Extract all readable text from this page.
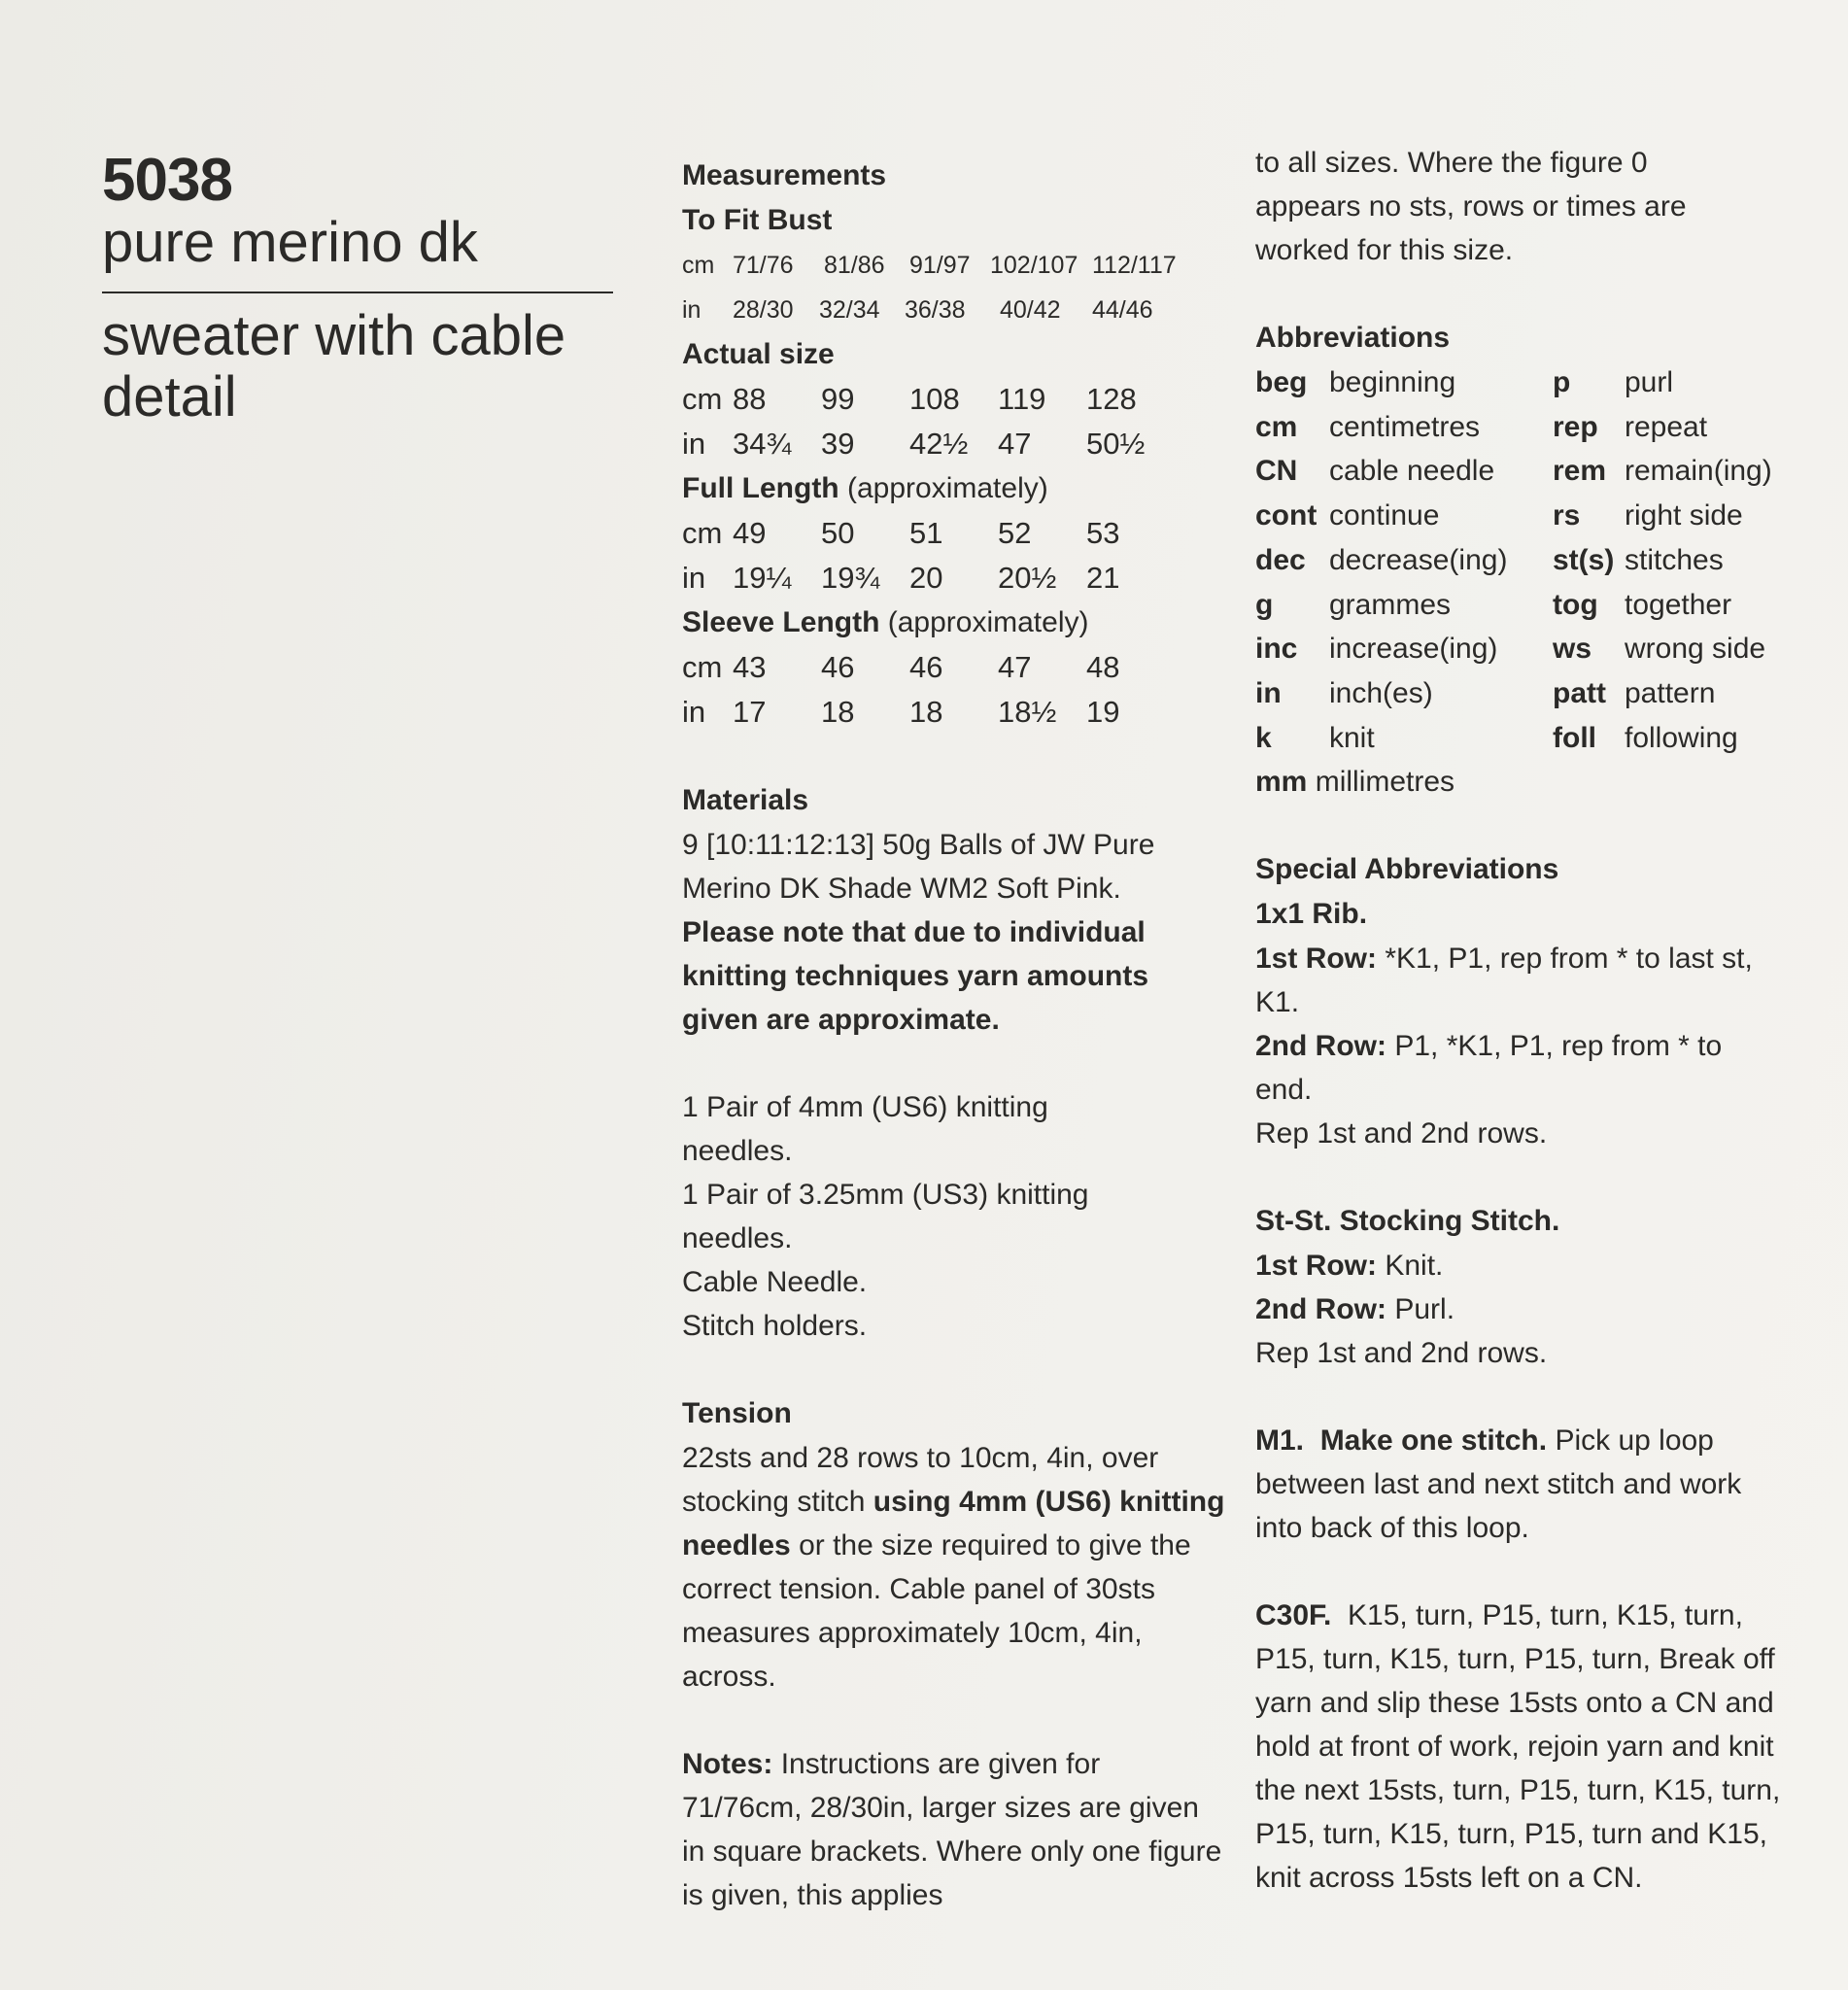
5038
pure merino dk
sweater with cable detail
Measurements
To Fit Bust
cm 71/76	81/86	91/97 102/107 112/117
in	28/30	32/34	36/38	40/42	44/46
Actual size
cm 88	99	108	119	128
in 34¾ 39	42½ 47	50½
Full Length (approximately)
cm 49	50	51	52	53
in 19¼ 19¾ 20	20½ 21
Sleeve Length (approximately)
cm 43	46	46	47	48
in 17	18	18	18½ 19
Materials

9 [10:11:12:13] 50g Balls of JW Pure Merino DK Shade WM2 Soft Pink.

Please note that due to individual knitting techniques yarn amounts given are approximate.

1 Pair of 4mm (US6) knitting needles.

1 Pair of 3.25mm (US3) knitting needles.

Cable Needle.

Stitch holders.

Tension

22sts and 28 rows to 10cm, 4in, over stocking stitch using 4mm (US6) knitting needles or the size required to give the correct tension. Cable panel of 30sts measures approximately 10cm, 4in, across.

Notes: Instructions are given for 71/76cm, 28/30in, larger sizes are given in square brackets. Where only one figure is given, this applies

to all sizes. Where the figure 0 appears no sts, rows or times are worked for this size.

Abbreviations
beg beginning	p	purl
cm	centimetres	rep repeat
CN	cable needle	rem remain(ing)
cont continue	rs	right side
dec decrease(ing)	st(s) stitches
g	grammes	tog together
inc	increase(ing)	ws	wrong side
in	inch(es)	patt pattern
k	knit	foll following

mm millimetres

Special Abbreviations
1x1 Rib.

1st Row: *K1, P1, rep from * to last st, K1.

2nd Row: P1, *K1, P1, rep from * to end.

Rep 1st and 2nd rows.

St-St. Stocking Stitch.

1st Row: Knit.

2nd Row: Purl.

Rep 1st and 2nd rows.

M1. Make one stitch. Pick up loop between last and next stitch and work into back of this loop.

C30F. K15, turn, P15, turn, K15, turn, P15, turn, K15, turn, P15, turn, Break off yarn and slip these 15sts onto a CN and hold at front of work, rejoin yarn and knit the next 15sts, turn, P15, turn, K15, turn, P15, turn, K15, turn, P15, turn and K15, knit across 15sts left on a CN.
